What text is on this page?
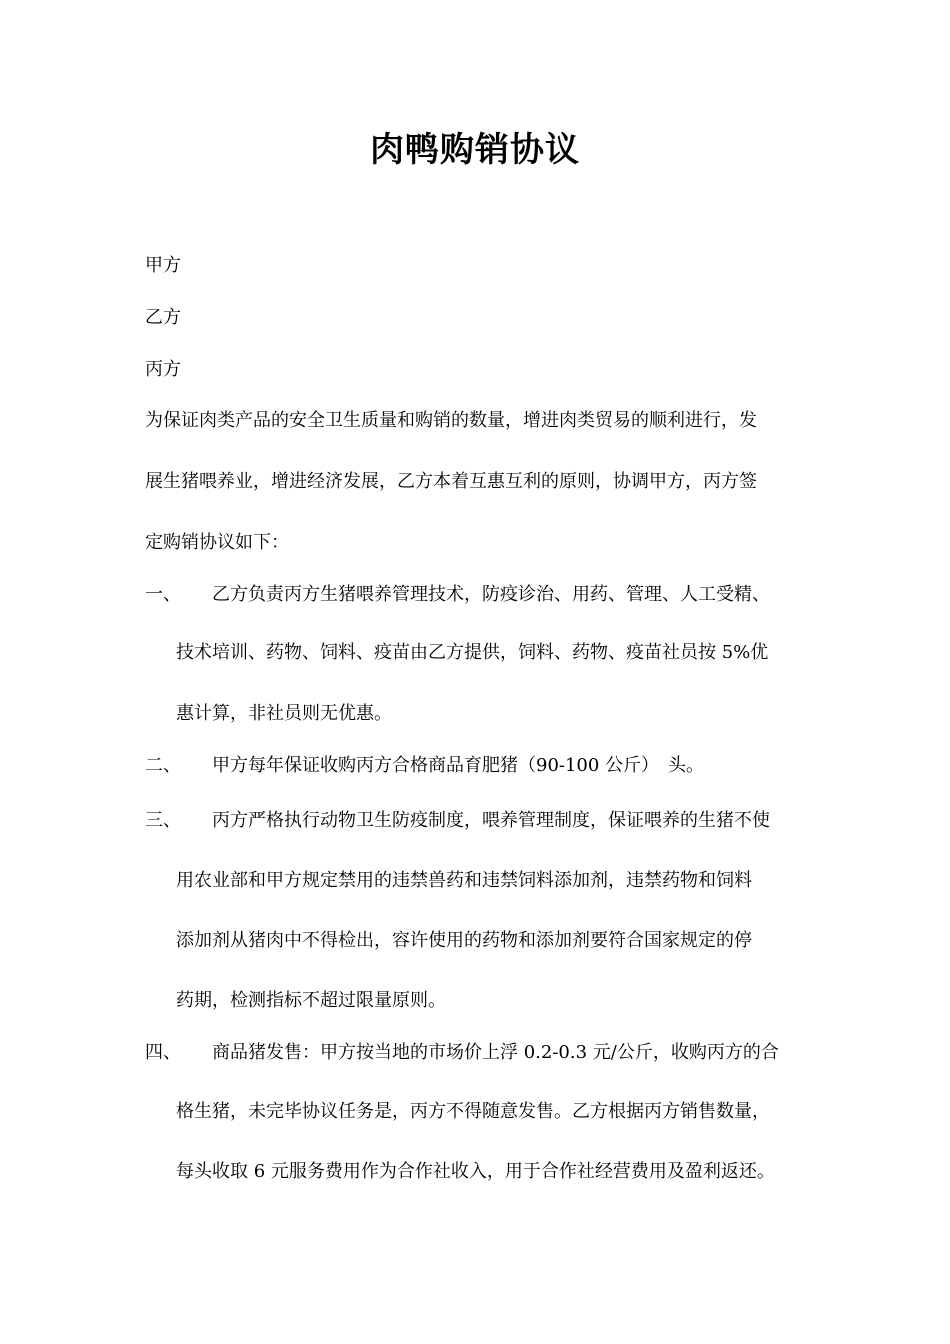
肉鸭购销协议
甲方
乙方
丙方
为保证肉类产品的安全卫生质量和购销的数量，增进肉类贸易的顺利进行，发
展生猪喂养业，增进经济发展，乙方本着互惠互利的原则，协调甲方，丙方签
定购销协议如下：
一、 乙方负责丙方生猪喂养管理技术，防疫诊治、用药、管理、人工受精、
技术培训、药物、饲料、疫苗由乙方提供，饲料、药物、疫苗社员按 5%优
惠计算，非社员则无优惠。
二、 甲方每年保证收购丙方合格商品育肥猪（90-100 公斤）　头。
三、 丙方严格执行动物卫生防疫制度，喂养管理制度，保证喂养的生猪不使
用农业部和甲方规定禁用的违禁兽药和违禁饲料添加剂，违禁药物和饲料
添加剂从猪肉中不得检出，容许使用的药物和添加剂要符合国家规定的停
药期，检测指标不超过限量原则。
四、 商品猪发售：甲方按当地的市场价上浮 0.2-0.3 元/公斤，收购丙方的合
格生猪，未完毕协议任务是，丙方不得随意发售。乙方根据丙方销售数量，
每头收取 6 元服务费用作为合作社收入，用于合作社经营费用及盈利返还。
